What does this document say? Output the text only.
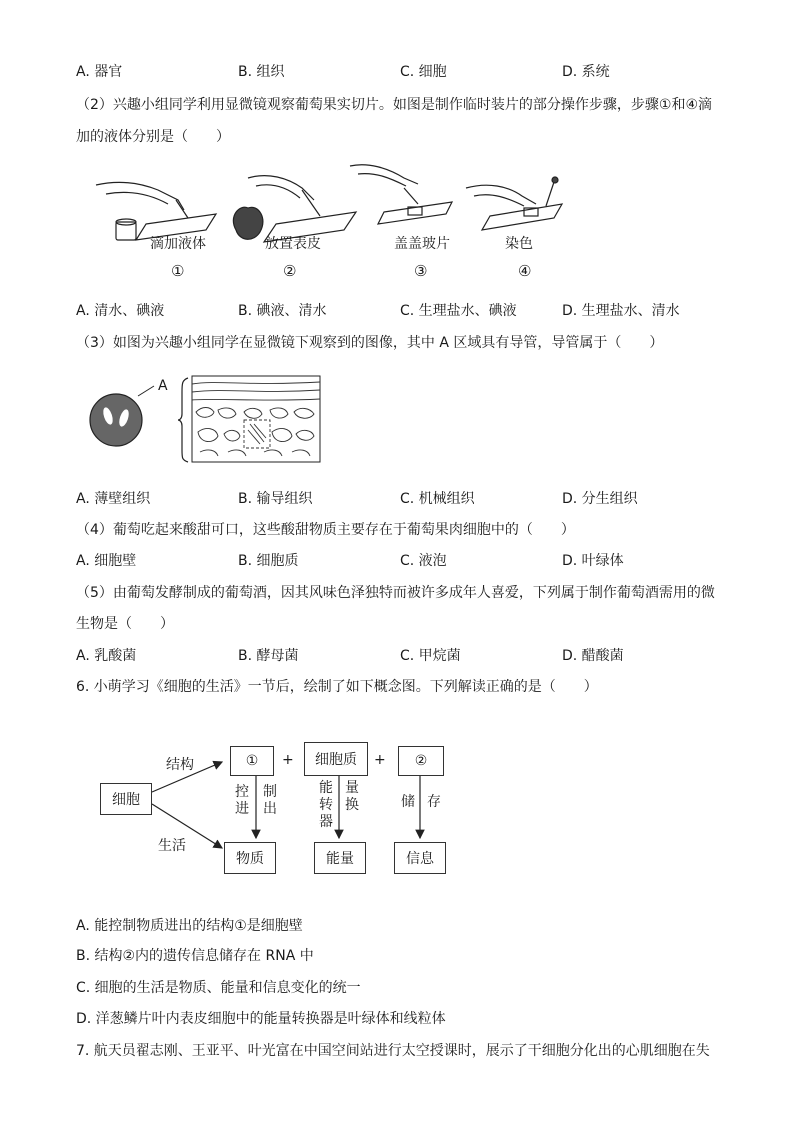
A. 器官	B. 组织	C. 细胞	D. 系统
（2）兴趣小组同学利用显微镜观察葡萄果实切片。如图是制作临时装片的部分操作步骤，步骤①和④滴
加的液体分别是（　　）
滴加液体	放置表皮	盖盖玻片	染色
①	②	③	④
A. 清水、碘液	B. 碘液、清水	C. 生理盐水、碘液	D. 生理盐水、清水
（3）如图为兴趣小组同学在显微镜下观察到的图像，其中 A 区域具有导管，导管属于（　　）
A
A. 薄壁组织	B. 输导组织	C. 机械组织	D. 分生组织
（4）葡萄吃起来酸甜可口，这些酸甜物质主要存在于葡萄果肉细胞中的（　　）
A. 细胞壁	B. 细胞质	C. 液泡	D. 叶绿体
（5）由葡萄发酵制成的葡萄酒，因其风味色泽独特而被许多成年人喜爱，下列属于制作葡萄酒需用的微
生物是（　　）
A. 乳酸菌	B. 酵母菌	C. 甲烷菌	D. 醋酸菌
6. 小萌学习《细胞的生活》一节后，绘制了如下概念图。下列解读正确的是（　　）
细胞
结构
生活
①	+	细胞质	+	②
控
进
制
出
能
转
器
量
换	储 存
物质	能量	信息
A. 能控制物质进出的结构①是细胞壁
B. 结构②内的遗传信息储存在 RNA 中
C. 细胞的生活是物质、能量和信息变化的统一
D. 洋葱鳞片叶内表皮细胞中的能量转换器是叶绿体和线粒体
7. 航天员翟志刚、王亚平、叶光富在中国空间站进行太空授课时，展示了干细胞分化出的心肌细胞在失
